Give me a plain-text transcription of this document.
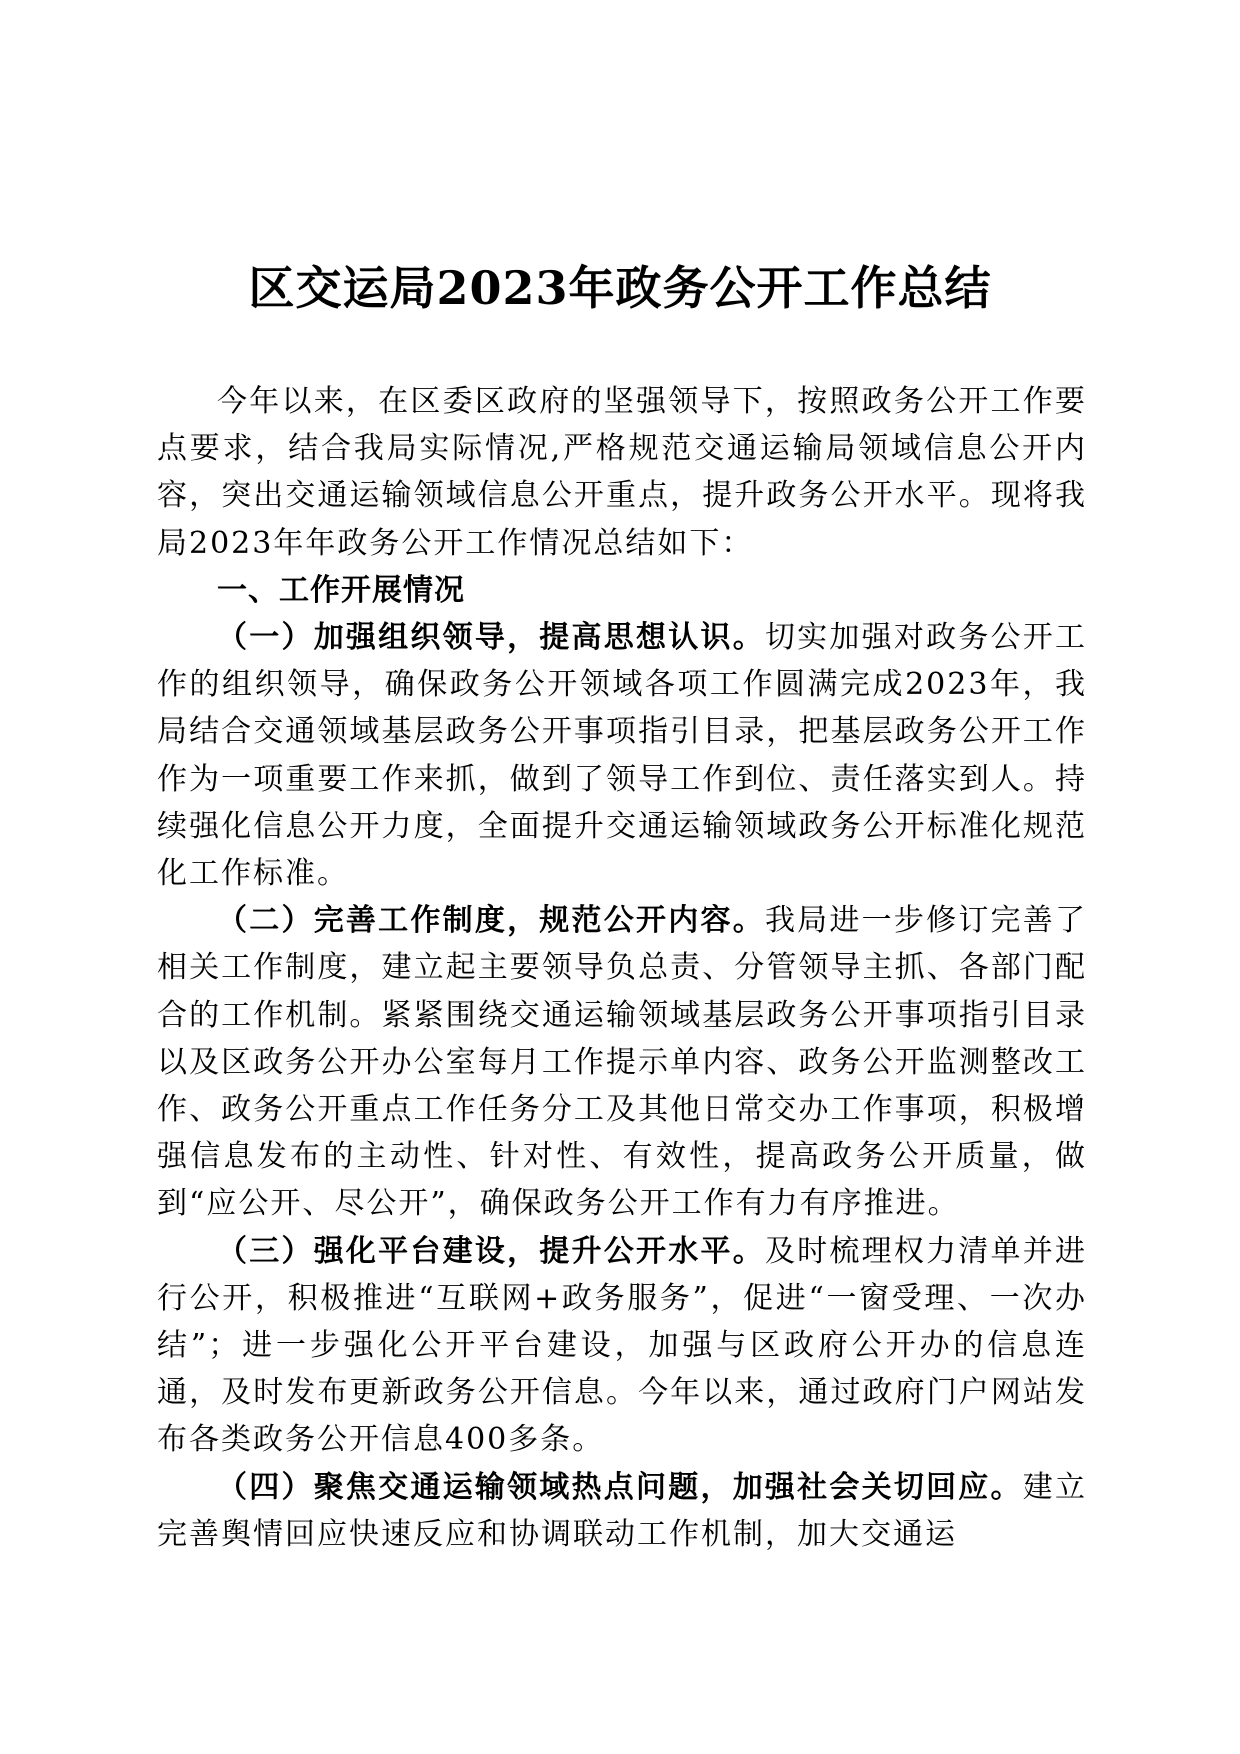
区交运局2023年政务公开工作总结

今年以来，在区委区政府的坚强领导下，按照政务公开工作要点要求，结合我局实际情况,严格规范交通运输局领域信息公开内容，突出交通运输领域信息公开重点，提升政务公开水平。现将我局2023年年政务公开工作情况总结如下：

一、工作开展情况

（一）加强组织领导，提高思想认识。切实加强对政务公开工作的组织领导，确保政务公开领域各项工作圆满完成2023年，我局结合交通领域基层政务公开事项指引目录，把基层政务公开工作作为一项重要工作来抓，做到了领导工作到位、责任落实到人。持续强化信息公开力度，全面提升交通运输领域政务公开标准化规范化工作标准。

（二）完善工作制度，规范公开内容。我局进一步修订完善了相关工作制度，建立起主要领导负总责、分管领导主抓、各部门配合的工作机制。紧紧围绕交通运输领域基层政务公开事项指引目录以及区政务公开办公室每月工作提示单内容、政务公开监测整改工作、政务公开重点工作任务分工及其他日常交办工作事项，积极增强信息发布的主动性、针对性、有效性，提高政务公开质量，做到“应公开、尽公开”，确保政务公开工作有力有序推进。

（三）强化平台建设，提升公开水平。及时梳理权力清单并进行公开，积极推进“互联网+政务服务”，促进“一窗受理、一次办结”；进一步强化公开平台建设，加强与区政府公开办的信息连通，及时发布更新政务公开信息。今年以来，通过政府门户网站发布各类政务公开信息400多条。

（四）聚焦交通运输领域热点问题，加强社会关切回应。建立完善舆情回应快速反应和协调联动工作机制，加大交通运
